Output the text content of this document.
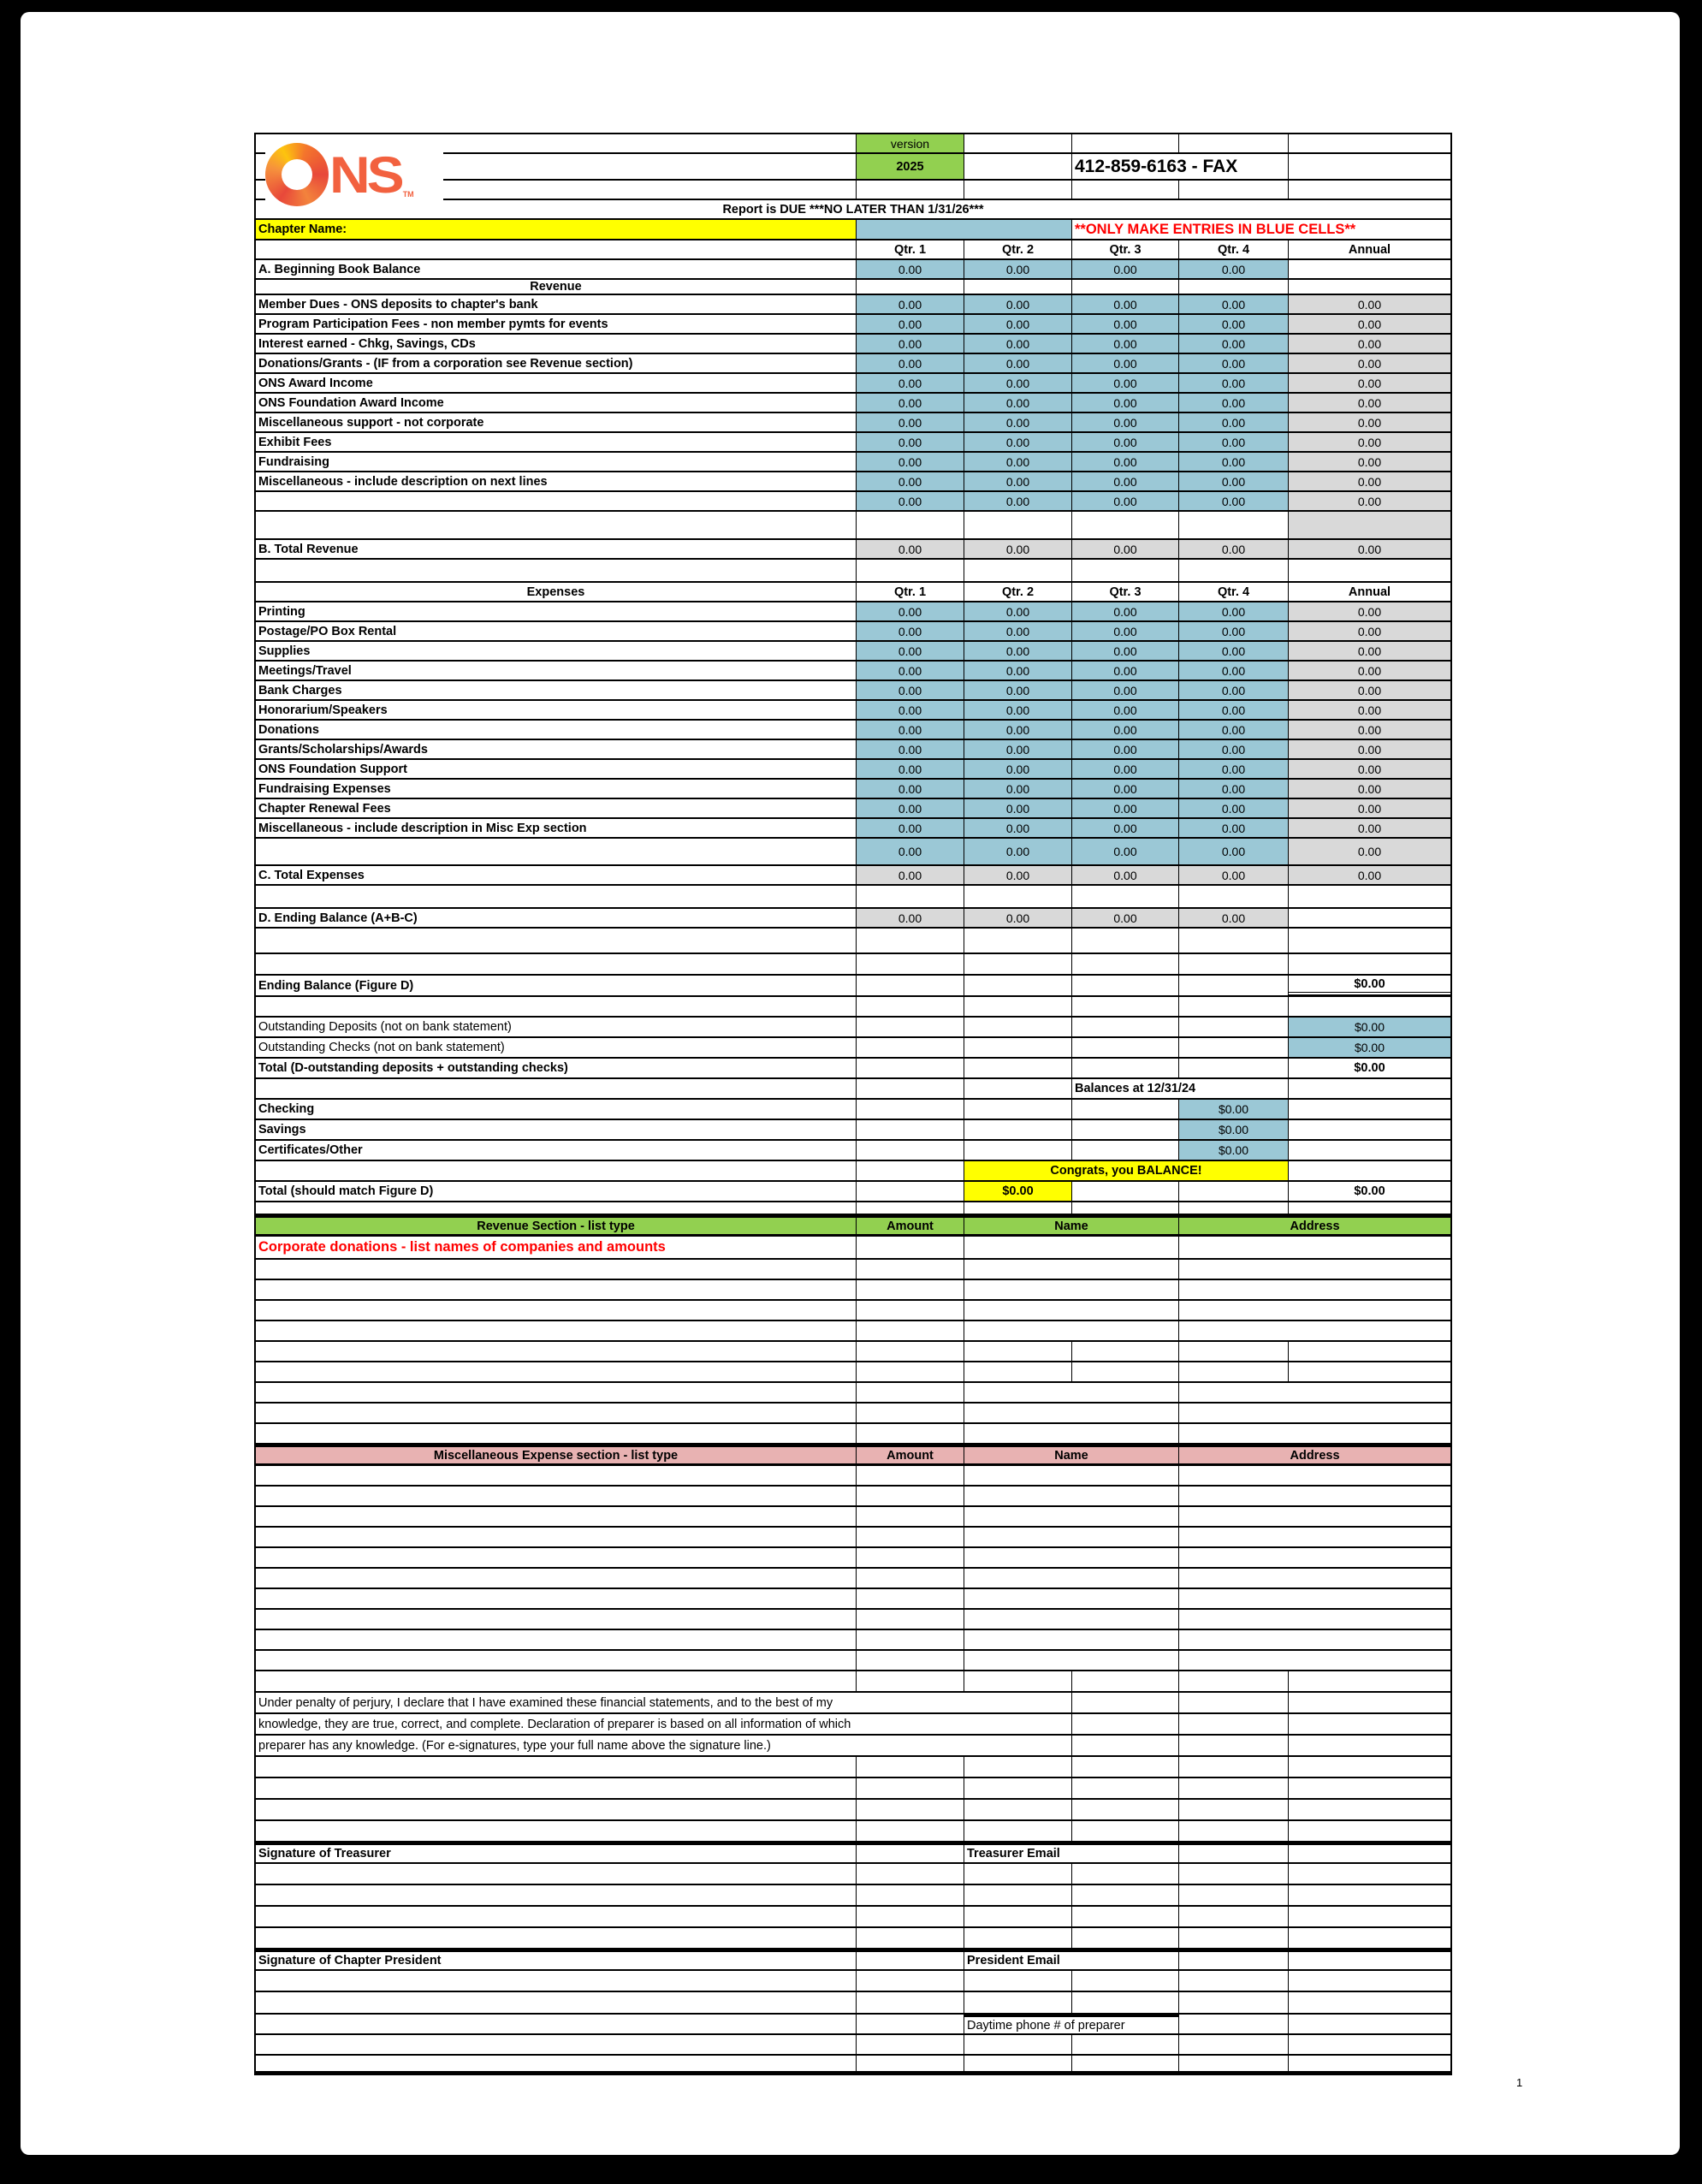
NS TM
version
2025	412-859-6163 - FAX
Report is DUE ***NO LATER THAN 1/31/26***
Chapter Name:	**ONLY MAKE ENTRIES IN BLUE CELLS**
Qtr. 1	Qtr. 2	Qtr. 3	Qtr. 4	Annual
A. Beginning Book Balance	0.00	0.00	0.00	0.00
Revenue
Member Dues - ONS deposits to chapter's bank	0.00	0.00	0.00	0.00	0.00
Program Participation Fees - non member pymts for events	0.00	0.00	0.00	0.00	0.00
Interest earned - Chkg, Savings, CDs	0.00	0.00	0.00	0.00	0.00
Donations/Grants - (IF from a corporation see Revenue section)	0.00	0.00	0.00	0.00	0.00
ONS Award Income	0.00	0.00	0.00	0.00	0.00
ONS Foundation Award Income	0.00	0.00	0.00	0.00	0.00
Miscellaneous support - not corporate	0.00	0.00	0.00	0.00	0.00
Exhibit Fees	0.00	0.00	0.00	0.00	0.00
Fundraising	0.00	0.00	0.00	0.00	0.00
Miscellaneous - include description on next lines	0.00	0.00	0.00	0.00	0.00
0.00	0.00	0.00	0.00	0.00
B. Total Revenue	0.00	0.00	0.00	0.00	0.00
Expenses	Qtr. 1	Qtr. 2	Qtr. 3	Qtr. 4	Annual
Printing	0.00	0.00	0.00	0.00	0.00
Postage/PO Box Rental	0.00	0.00	0.00	0.00	0.00
Supplies	0.00	0.00	0.00	0.00	0.00
Meetings/Travel	0.00	0.00	0.00	0.00	0.00
Bank Charges	0.00	0.00	0.00	0.00	0.00
Honorarium/Speakers	0.00	0.00	0.00	0.00	0.00
Donations	0.00	0.00	0.00	0.00	0.00
Grants/Scholarships/Awards	0.00	0.00	0.00	0.00	0.00
ONS Foundation Support	0.00	0.00	0.00	0.00	0.00
Fundraising Expenses	0.00	0.00	0.00	0.00	0.00
Chapter Renewal Fees	0.00	0.00	0.00	0.00	0.00
Miscellaneous - include description in Misc Exp section	0.00	0.00	0.00	0.00	0.00
0.00	0.00	0.00	0.00	0.00
C. Total Expenses	0.00	0.00	0.00	0.00	0.00
D. Ending Balance (A+B-C)	0.00	0.00	0.00	0.00
Ending Balance (Figure D)	$0.00
Outstanding Deposits (not on bank statement)	$0.00
Outstanding Checks (not on bank statement)	$0.00
Total (D-outstanding deposits + outstanding checks)	$0.00
Balances at 12/31/24
Checking	$0.00
Savings	$0.00
Certificates/Other	$0.00
Congrats, you BALANCE!
Total (should match Figure D)	$0.00	$0.00
Revenue Section - list type	Amount	Name	Address
Corporate donations - list names of companies and amounts
Miscellaneous Expense section - list type	Amount	Name	Address
Under penalty of perjury, I declare that I have examined these financial statements, and to the best of my
knowledge, they are true, correct, and complete. Declaration of preparer is based on all information of which
preparer has any knowledge. (For e-signatures, type your full name above the signature line.)
Signature of Treasurer	Treasurer Email
Signature of Chapter President	President Email
Daytime phone # of preparer
1
